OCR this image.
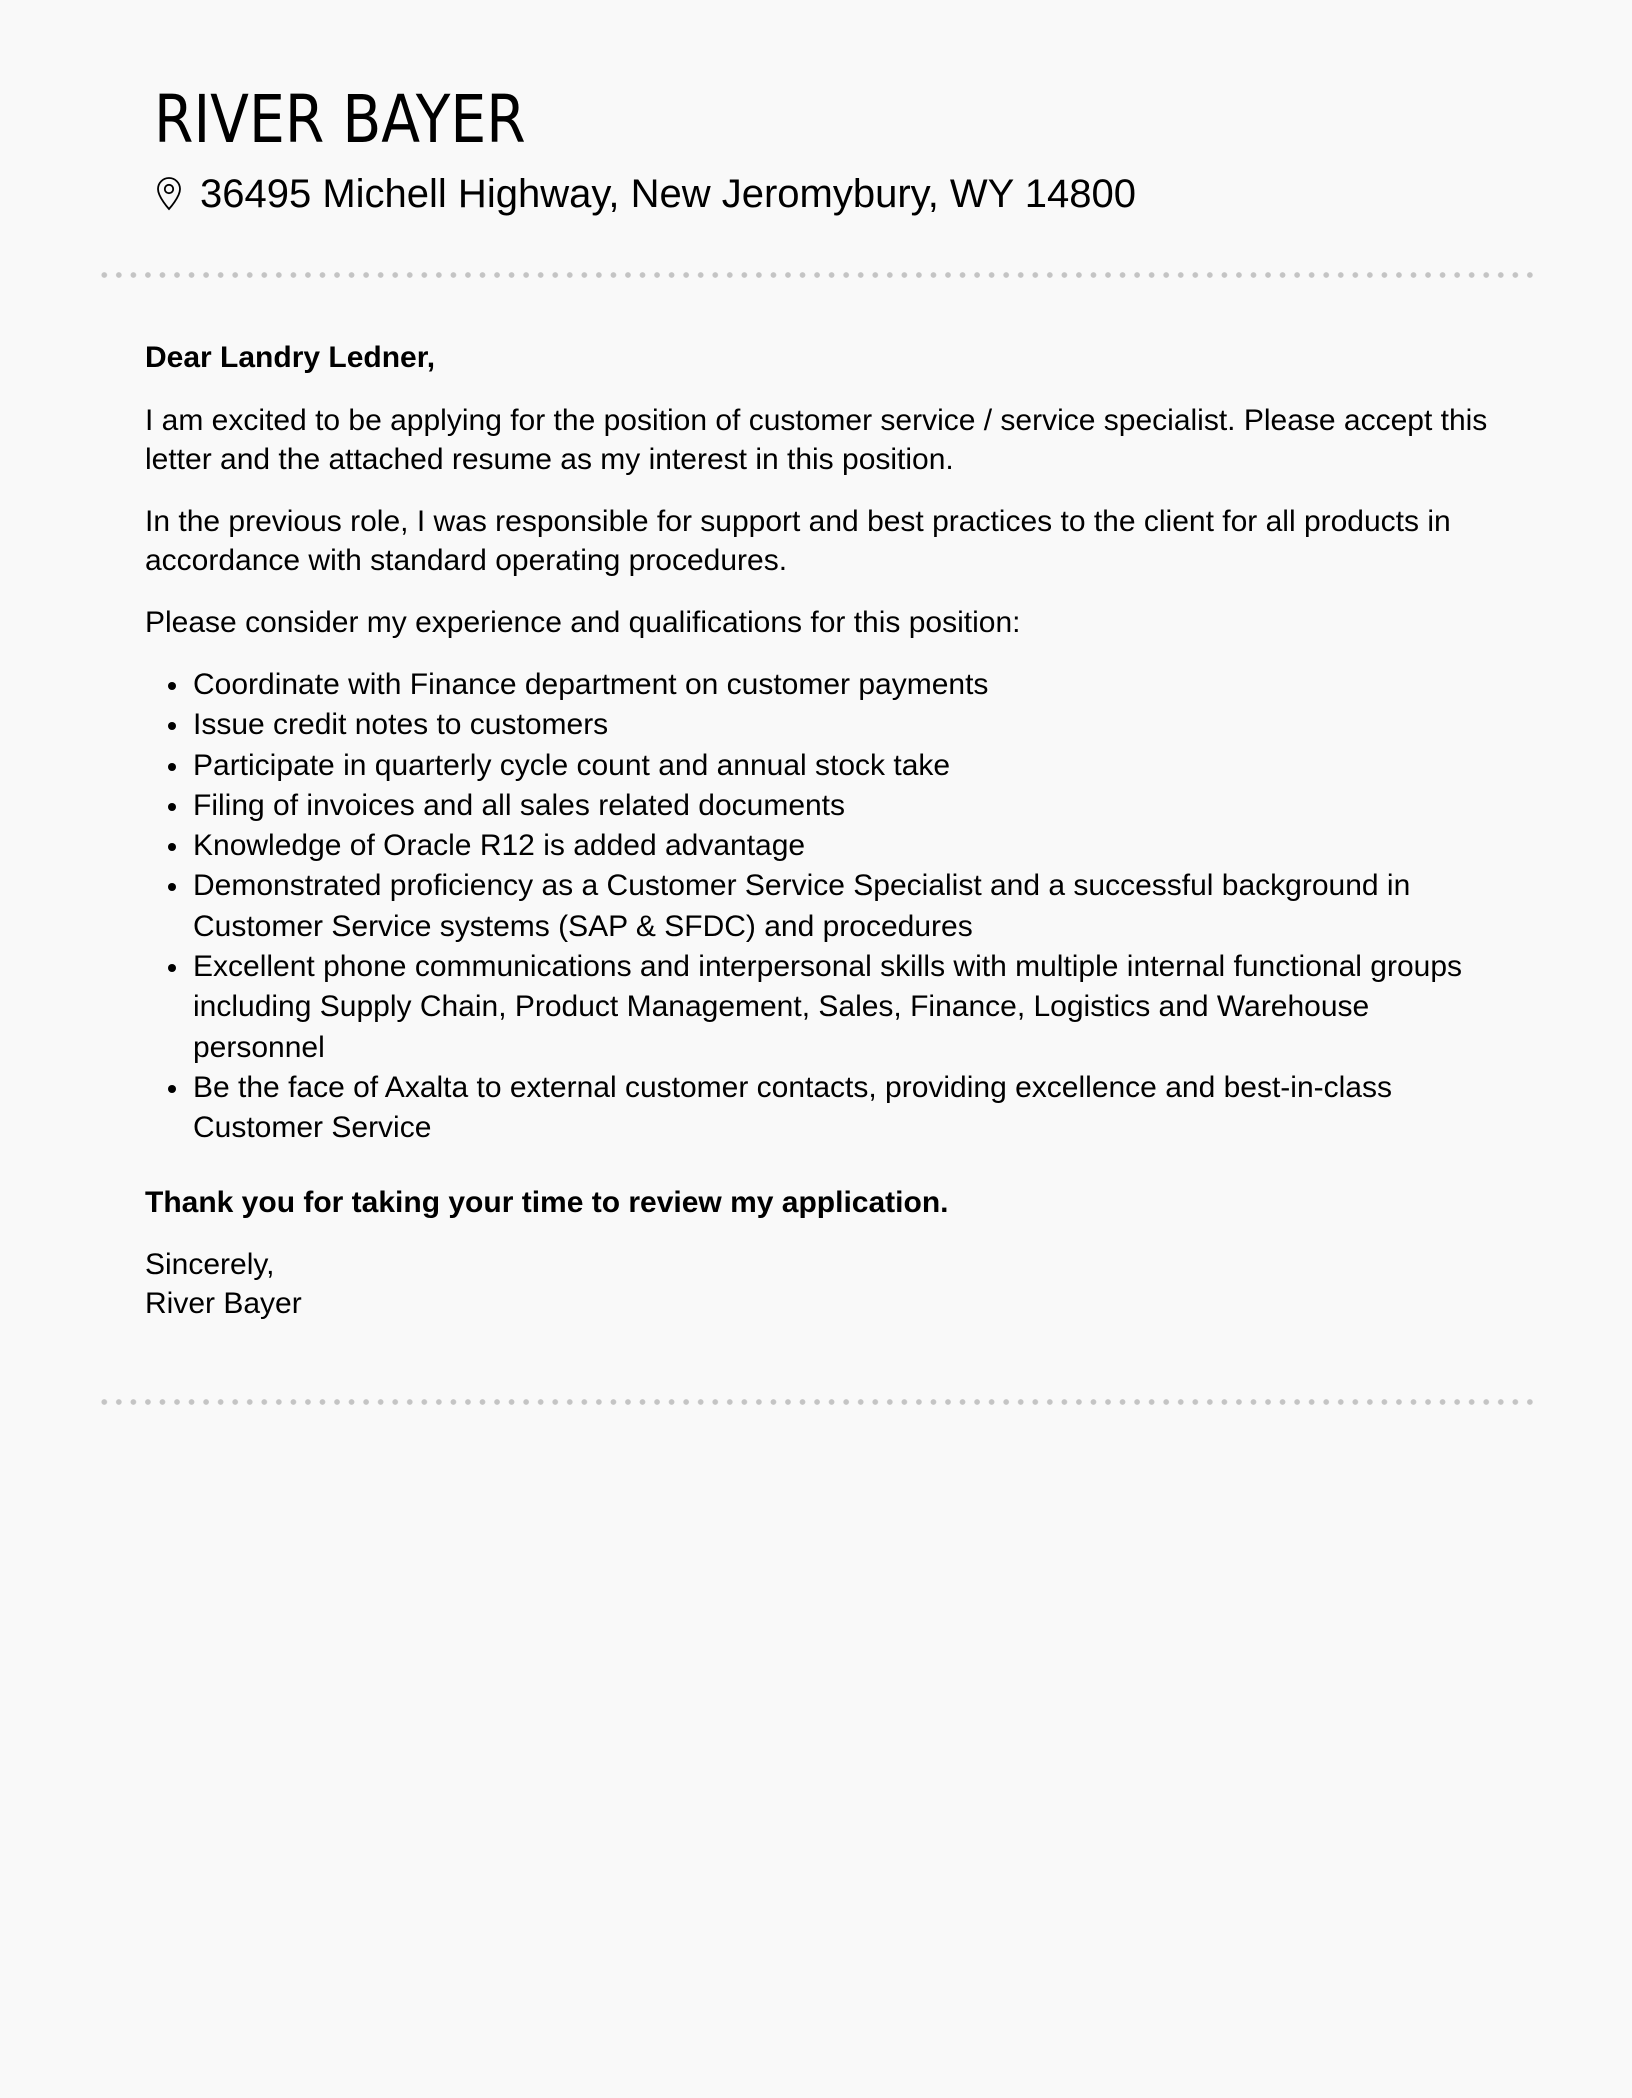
RIVER BAYER
36495 Michell Highway, New Jeromybury, WY 14800

Dear Landry Ledner,

I am excited to be applying for the position of customer service / service specialist. Please accept this letter and the attached resume as my interest in this position.

In the previous role, I was responsible for support and best practices to the client for all products in accordance with standard operating procedures.

Please consider my experience and qualifications for this position:

Coordinate with Finance department on customer payments
Issue credit notes to customers
Participate in quarterly cycle count and annual stock take
Filing of invoices and all sales related documents
Knowledge of Oracle R12 is added advantage
Demonstrated proficiency as a Customer Service Specialist and a successful background in Customer Service systems (SAP & SFDC) and procedures
Excellent phone communications and interpersonal skills with multiple internal functional groups including Supply Chain, Product Management, Sales, Finance, Logistics and Warehouse personnel
Be the face of Axalta to external customer contacts, providing excellence and best-in-class Customer Service

Thank you for taking your time to review my application.

Sincerely,

River Bayer
